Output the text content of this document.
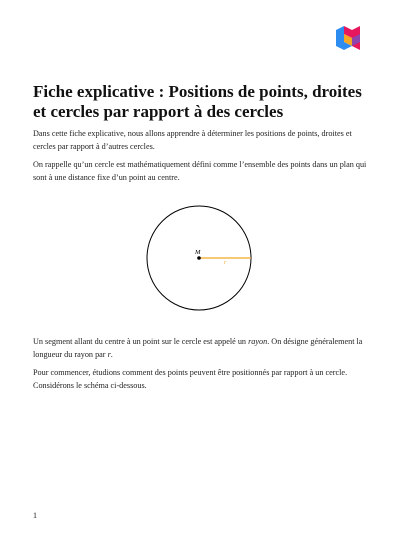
Fiche explicative : Positions de points, droites et cercles par rapport à des cercles
Dans cette fiche explicative, nous allons apprendre à déterminer les positions de points, droites et cercles par rapport à d’autres cercles.
On rappelle qu’un cercle est mathématiquement défini comme l’ensemble des points dans un plan qui sont à une distance fixe d’un point au centre.
M
r
Un segment allant du centre à un point sur le cercle est appelé un rayon. On désigne généralement la longueur du rayon par r.
Pour commencer, étudions comment des points peuvent être positionnés par rapport à un cercle. Considérons le schéma ci-dessous.
1
